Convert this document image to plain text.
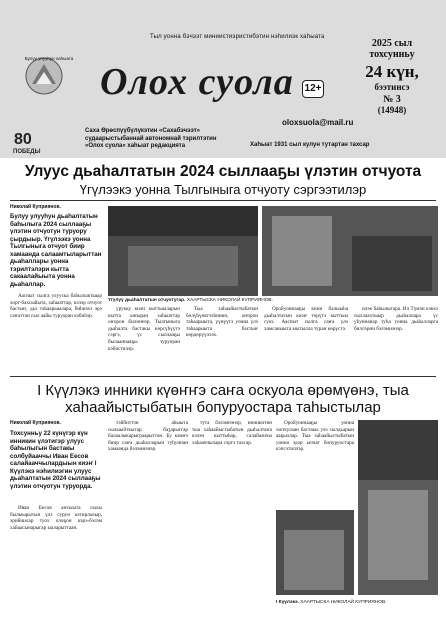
Тыл уонна бэчээт миниистиэристибэтин нэһилиэк хаһыата
Булуу улууһун хаһыата
Олох суола 12+
oloxsuola@mail.ru
80
ПОБЕДЫ
Саха Өрөспүүбүлүкэтин «Сахабэчээт»
судаарыстыбаннай автономнай тэрилтэтин
«Олох суола» хаһыат редакцията	Хаһыат 1931 сыл кулун тутартан тахсар
2025 сыл
тохсунньу
24 күн,
бээтинсэ
№ 3
(14948)
Улууc дьаһалтатын 2024 сыллааҕы үлэтин отчуота
Үгүлээкэ уонна Тылгыныга отчуоту сэргээтилэр
Николай Куприянов.
Булуу улууһун дьаһалтатын баһылыга 2024 сыллааҕы үлэтин отчуотун туруору ҫырдыыр. Үгүлээкэ уонна Тылгыныга отчуот биир хамаанда салаамтыларыттан дьаһаллары уонна тэрилтэлэри кытта сакаалайыыта уонна дьаһаллар.
Үгүлүү дьаһалтатын отчуотугар. ХААРТЫСКА НИКОЛАЙ КУПРИЯНОВ.

Ааспыт сылга улууска баһылыктыыр хорт-бахсыйыта, хаһыаттар, кэлэр отчуот бастыҥ, дьэ таһаарыылара, биһиэхэ эрэ саҥаттан сыл аайы туруоран кэбиһэр.

урукку киэҥ кыттыыларын кытта ыҥыран хаһыаттар оҥорон билиннэр. Тылгыныга дьаһалта бастакы көрсүһүүтэ сэргэ, үс сыллааҕы былааннааҕы туруоран кэбистилэр.

Тыа хаһаайыстыбатын бөлүһүөктээһинин, оҥорон таһаарыыта, үүнүүтэ уонна үлэ таһаарыыта бастыҥ көрдөрүүлээх.

Оройуоннааҕы киин балыыһа дьаһалтатын киэҥ төрүтэ кыттыы суох. Ааспыт сылга саҥа үлэ хамсаныыта ыытылла туран көрүстэ.

илэк баһылыгара. Ил Түмэн кэккэ сыллаахтыыр дьаһаллара үс уһуннанар туһа уонна дьаһалларга биллэрии бэлэмнэнэр.

I Күүлэкэ инники күөҥҥэ саҥа оскуола өрөмүөнэ, тыа хаһаайыстыбатын бопуруостара таһыстылар
Николай Куприянов.
Тохсунньу 22 күнүгэр күн инникин үлэтигэр улууc баһылыгын бастакы солбуйааччы Иван Еесов салайааччылардыын киэҥ I Күүлэкэ нэһилиэгин улууc дьаһалтатын 2024 сыллааҕы үлэтин отчуотун туруорда.

Иван Еесов аҥсыыта сылы былыырытын үлэ сурун кэтирлалыр, эрийиилар туох олоҕон кэрэ-бэлэм хайаасынарыгар ыаларыттаан.

тэйбиттэн аһыыта сылыыйткытар баӡарыггар балаалыкарыграарыттан. Бу кэмҥэ биир саҥа дьаһалларын туһуннан хамаанда бэлэмнэнэр.

тута бэлэмнэнэр, инникитин тыа хаһаайыстыбатын дьаһалтаҥа кэлэн кыттыһар, салайааччы хаһааччылара сэргэ тахсар.

Оройуоннааҕы уонна чопчулаан бастакы улэ сылдьарын ааҕыллар. Тыа хаһаайыстыбатын уонна эдэр ыччат бопуруостара кэпсэтиллэр.

I Күүлэкэ. ХААРТЫСКА НИКОЛАЙ КУПРИЯНОВ.
